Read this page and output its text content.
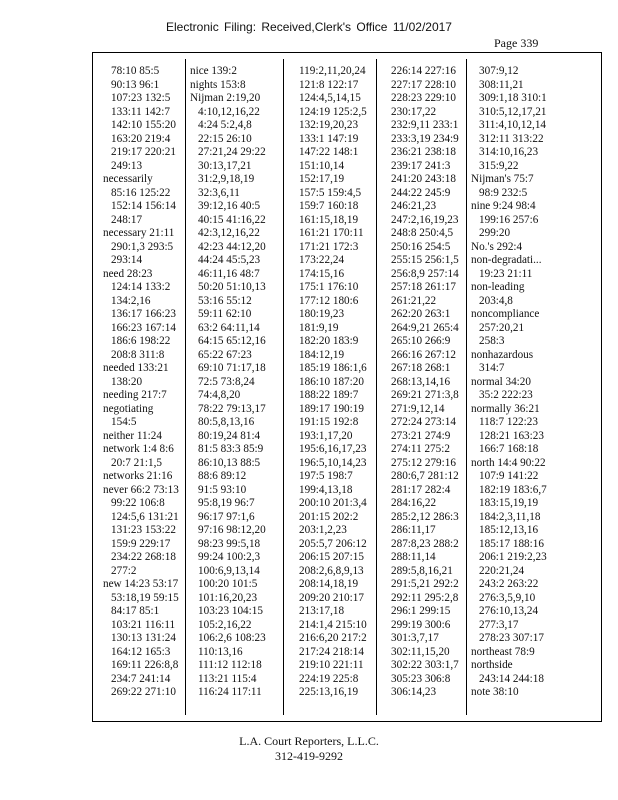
Electronic Filing: Received,Clerk's Office 11/02/2017
Page 339
78:10 85:5
90:13 96:1
107:23 132:5
133:11 142:7
142:10 155:20
163:20 219:4
219:17 220:21
249:13
necessarily
85:16 125:22
152:14 156:14
248:17
necessary 21:11
290:1,3 293:5
293:14
need 28:23
124:14 133:2
134:2,16
136:17 166:23
166:23 167:14
186:6 198:22
208:8 311:8
needed 133:21
138:20
needing 217:7
negotiating
154:5
neither 11:24
network 1:4 8:6
20:7 21:1,5
networks 21:16
never 66:2 73:13
99:22 106:8
124:5,6 131:21
131:23 153:22
159:9 229:17
234:22 268:18
277:2
new 14:23 53:17
53:18,19 59:15
84:17 85:1
103:21 116:11
130:13 131:24
164:12 165:3
169:11 226:8,8
234:7 241:14
269:22 271:10
nice 139:2
nights 153:8
Nijman 2:19,20
4:10,12,16,22
4:24 5:2,4,8
22:15 26:10
27:21,24 29:22
30:13,17,21
31:2,9,18,19
32:3,6,11
39:12,16 40:5
40:15 41:16,22
42:3,12,16,22
42:23 44:12,20
44:24 45:5,23
46:11,16 48:7
50:20 51:10,13
53:16 55:12
59:11 62:10
63:2 64:11,14
64:15 65:12,16
65:22 67:23
69:10 71:17,18
72:5 73:8,24
74:4,8,20
78:22 79:13,17
80:5,8,13,16
80:19,24 81:4
81:5 83:3 85:9
86:10,13 88:5
88:6 89:12
91:5 93:10
95:8,19 96:7
96:17 97:1,6
97:16 98:12,20
98:23 99:5,18
99:24 100:2,3
100:6,9,13,14
100:20 101:5
101:16,20,23
103:23 104:15
105:2,16,22
106:2,6 108:23
110:13,16
111:12 112:18
113:21 115:4
116:24 117:11
119:2,11,20,24
121:8 122:17
124:4,5,14,15
124:19 125:2,5
132:19,20,23
133:1 147:19
147:22 148:1
151:10,14
152:17,19
157:5 159:4,5
159:7 160:18
161:15,18,19
161:21 170:11
171:21 172:3
173:22,24
174:15,16
175:1 176:10
177:12 180:6
180:19,23
181:9,19
182:20 183:9
184:12,19
185:19 186:1,6
186:10 187:20
188:22 189:7
189:17 190:19
191:15 192:8
193:1,17,20
195:6,16,17,23
196:5,10,14,23
197:5 198:7
199:4,13,18
200:10 201:3,4
201:15 202:2
203:1,2,23
205:5,7 206:12
206:15 207:15
208:2,6,8,9,13
208:14,18,19
209:20 210:17
213:17,18
214:1,4 215:10
216:6,20 217:2
217:24 218:14
219:10 221:11
224:19 225:8
225:13,16,19
226:14 227:16
227:17 228:10
228:23 229:10
230:17,22
232:9,11 233:1
233:3,19 234:9
236:21 238:18
239:17 241:3
241:20 243:18
244:22 245:9
246:21,23
247:2,16,19,23
248:8 250:4,5
250:16 254:5
255:15 256:1,5
256:8,9 257:14
257:18 261:17
261:21,22
262:20 263:1
264:9,21 265:4
265:10 266:9
266:16 267:12
267:18 268:1
268:13,14,16
269:21 271:3,8
271:9,12,14
272:24 273:14
273:21 274:9
274:11 275:2
275:12 279:16
280:6,7 281:12
281:17 282:4
284:16,22
285:2,12 286:3
286:11,17
287:8,23 288:2
288:11,14
289:5,8,16,21
291:5,21 292:2
292:11 295:2,8
296:1 299:15
299:19 300:6
301:3,7,17
302:11,15,20
302:22 303:1,7
305:23 306:8
306:14,23
307:9,12
308:11,21
309:1,18 310:1
310:5,12,17,21
311:4,10,12,14
312:11 313:22
314:10,16,23
315:9,22
Nijman's 75:7
98:9 232:5
nine 9:24 98:4
199:16 257:6
299:20
No.'s 292:4
non-degradati...
19:23 21:11
non-leading
203:4,8
noncompliance
257:20,21
258:3
nonhazardous
314:7
normal 34:20
35:2 222:23
normally 36:21
118:7 122:23
128:21 163:23
166:7 168:18
north 14:4 90:22
107:9 141:22
182:19 183:6,7
183:15,19,19
184:2,3,11,18
185:12,13,16
185:17 188:16
206:1 219:2,23
220:21,24
243:2 263:22
276:3,5,9,10
276:10,13,24
277:3,17
278:23 307:17
northeast 78:9
northside
243:14 244:18
note 38:10
L.A. Court Reporters, L.L.C.
312-419-9292
